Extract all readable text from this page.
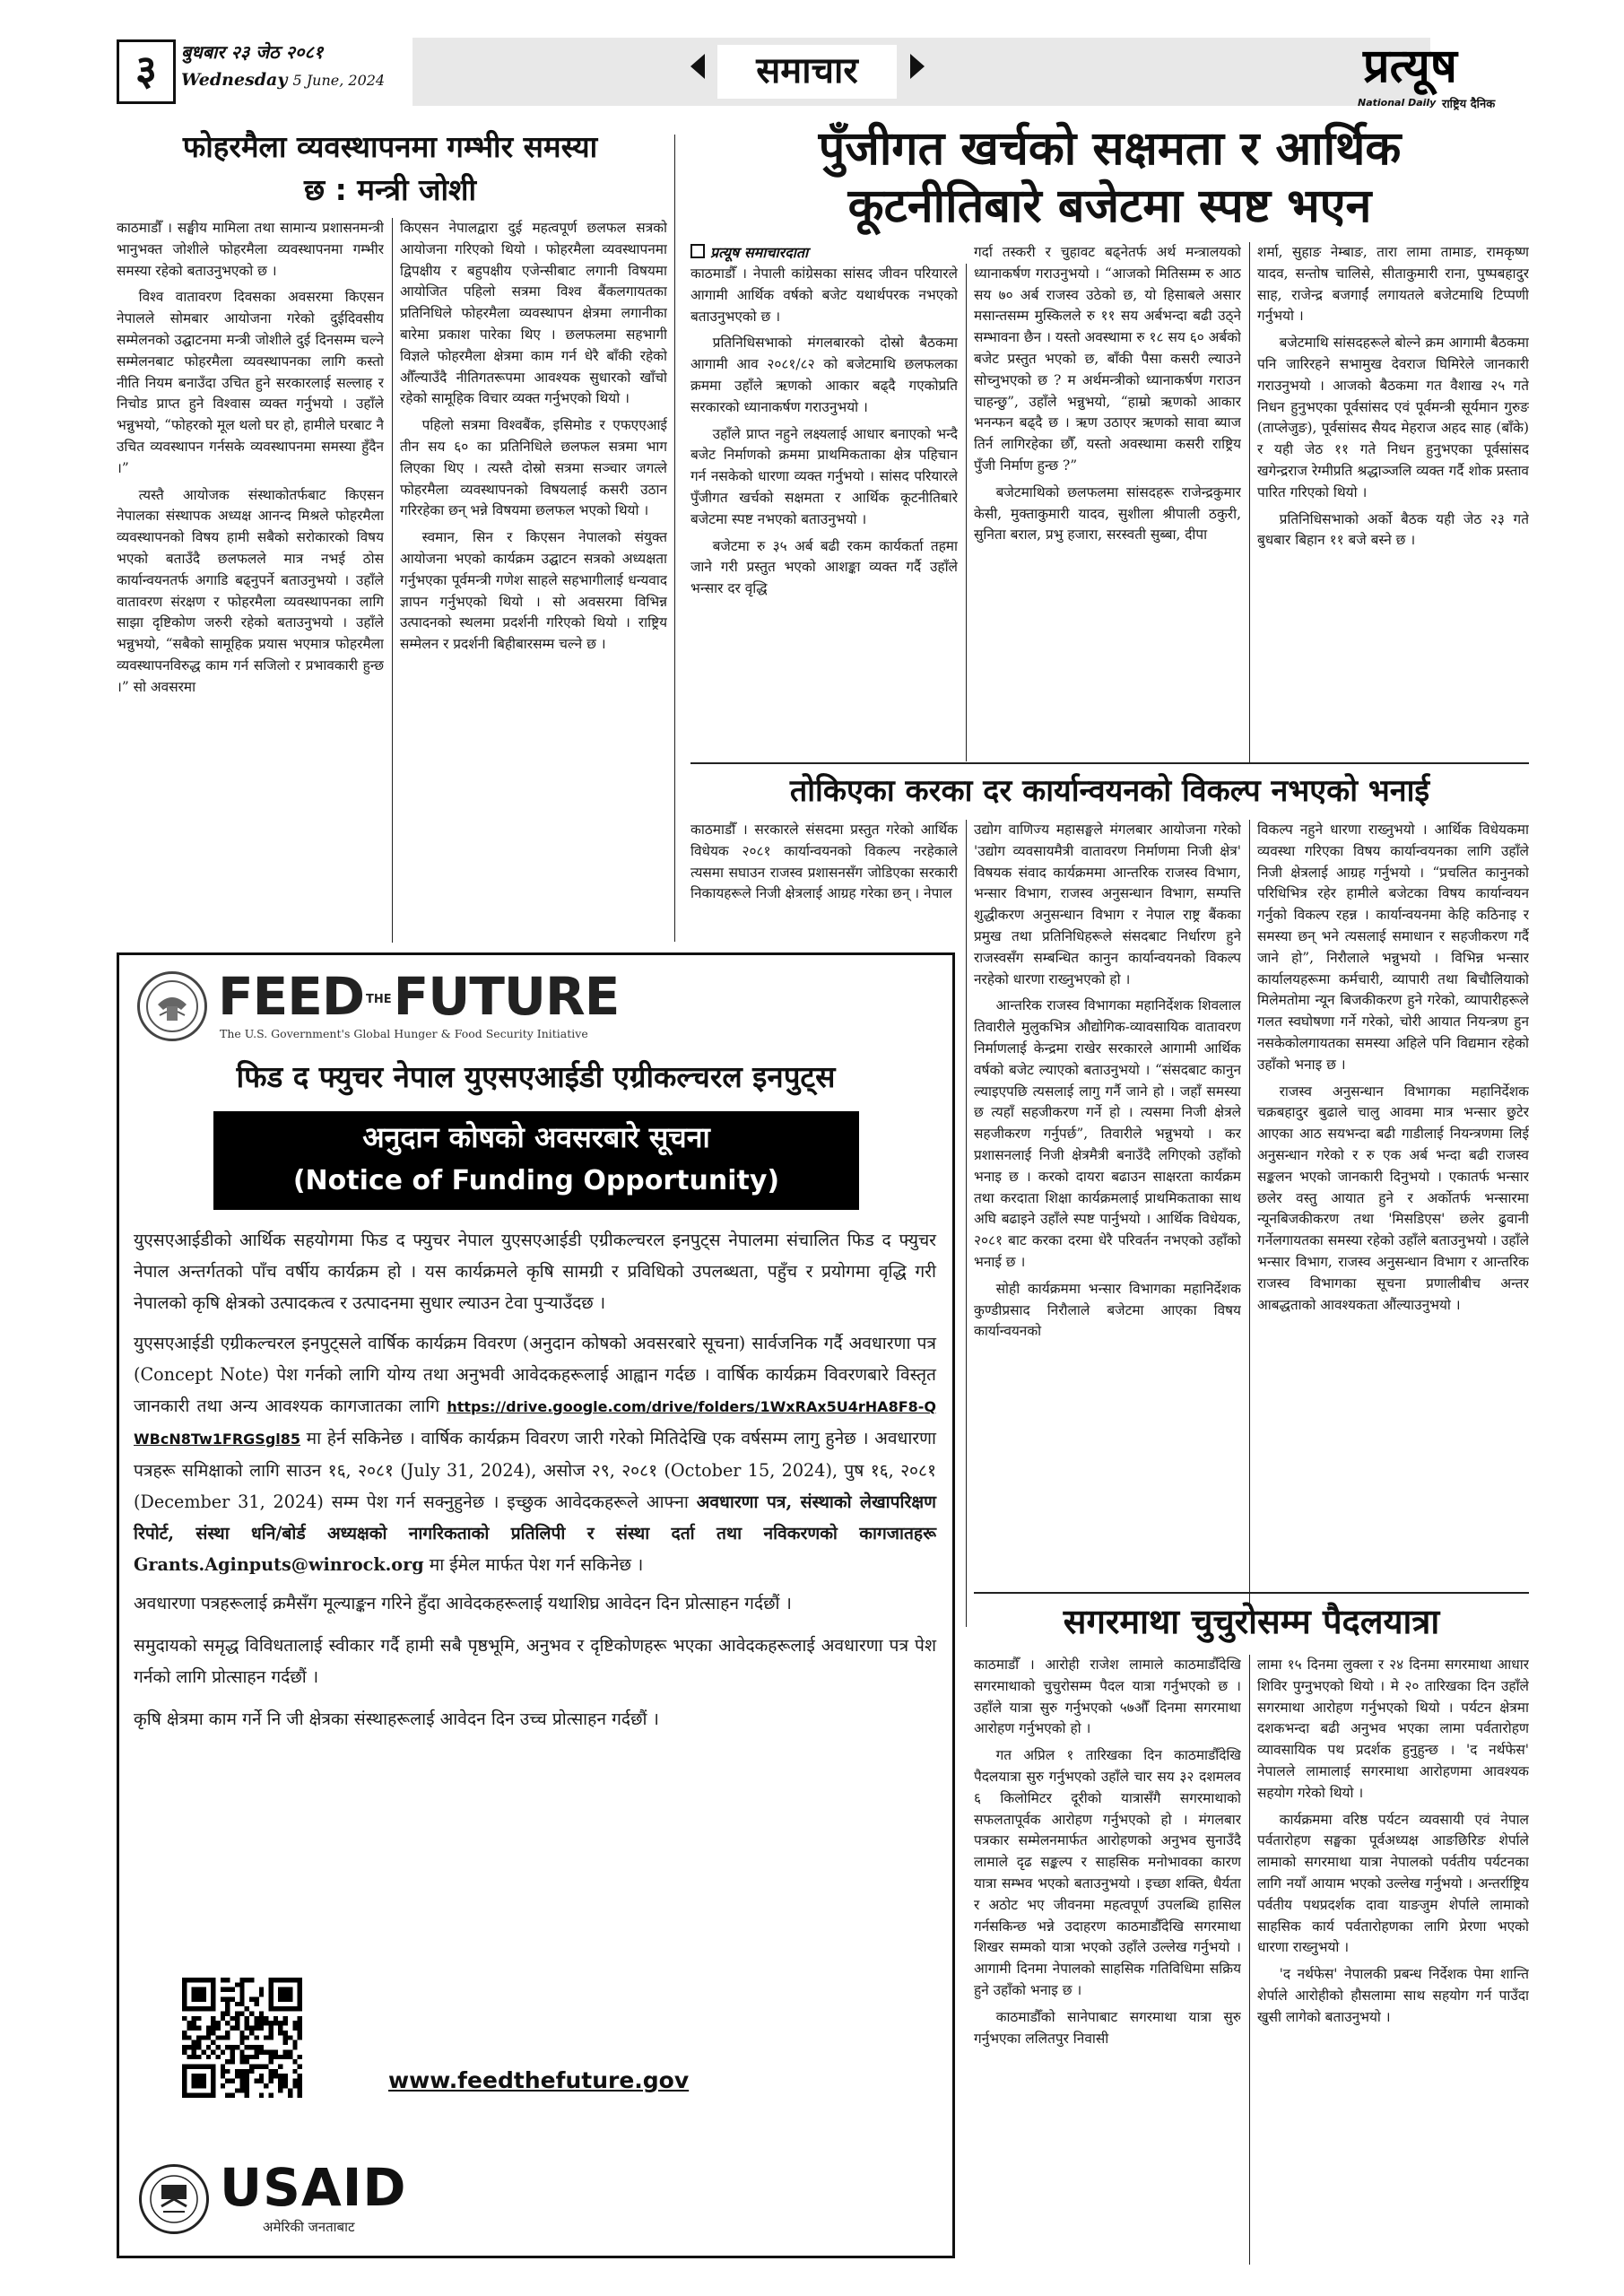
३	बुधबार २३ जेठ २०८१
Wednesday 5 June, 2024	समाचार	प्रत्यूष
National Daily राष्ट्रिय दैनिक
फोहरमैला व्यवस्थापनमा गम्भीर समस्या
छ : मन्त्री जोशी

काठमाडौँ । सङ्घीय मामिला तथा सामान्य प्रशासनमन्त्री भानुभक्त जोशीले फोहरमैला व्यवस्थापनमा गम्भीर समस्या रहेको बताउनुभएको छ ।

विश्व वातावरण दिवसका अवसरमा किएसन नेपालले सोमबार आयोजना गरेको दुईदिवसीय सम्मेलनको उद्घाटनमा मन्त्री जोशीले दुई दिनसम्म चल्ने सम्मेलनबाट फोहरमैला व्यवस्थापनका लागि कस्तो नीति नियम बनाउँदा उचित हुने सरकारलाई सल्लाह र निचोड प्राप्त हुने विश्वास व्यक्त गर्नुभयो । उहाँले भन्नुभयो, “फोहरको मूल थलो घर हो, हामीले घरबाट नै उचित व्यवस्थापन गर्नसके व्यवस्थापनमा समस्या हुँदैन ।”

त्यस्तै आयोजक संस्थाकोतर्फबाट किएसन नेपालका संस्थापक अध्यक्ष आनन्द मिश्रले फोहरमैला व्यवस्थापनको विषय हामी सबैको सरोकारको विषय भएको बताउँदै छलफलले मात्र नभई ठोस कार्यान्वयनतर्फ अगाडि बढ्नुपर्ने बताउनुभयो । उहाँले वातावरण संरक्षण र फोहरमैला व्यवस्थापनका लागि साझा दृष्टिकोण जरुरी रहेको बताउनुभयो । उहाँले भन्नुभयो, “सबैको सामूहिक प्रयास भएमात्र फोहरमैला व्यवस्थापनविरुद्ध काम गर्न सजिलो र प्रभावकारी हुन्छ ।” सो अवसरमा

किएसन नेपालद्वारा दुई महत्वपूर्ण छलफल सत्रको आयोजना गरिएको थियो । फोहरमैला व्यवस्थापनमा द्विपक्षीय र बहुपक्षीय एजेन्सीबाट लगानी विषयमा आयोजित पहिलो सत्रमा विश्व बैंकलगायतका प्रतिनिधिले फोहरमैला व्यवस्थापन क्षेत्रमा लगानीका बारेमा प्रकाश पारेका थिए । छलफलमा सहभागी विज्ञले फोहरमैला क्षेत्रमा काम गर्न धेरै बाँकी रहेको औँल्याउँदै नीतिगतरूपमा आवश्यक सुधारको खाँचो रहेको सामूहिक विचार व्यक्त गर्नुभएको थियो ।

पहिलो सत्रमा विश्वबैंक, इसिमोड र एफएएआई तीन सय ६० का प्रतिनिधिले छलफल सत्रमा भाग लिएका थिए । त्यस्तै दोस्रो सत्रमा सञ्चार जगत्ले फोहरमैला व्यवस्थापनको विषयलाई कसरी उठान गरिरहेका छन् भन्ने विषयमा छलफल भएको थियो ।

स्वमान, सिन र किएसन नेपालको संयुक्त आयोजना भएको कार्यक्रम उद्घाटन सत्रको अध्यक्षता गर्नुभएका पूर्वमन्त्री गणेश साहले सहभागीलाई धन्यवाद ज्ञापन गर्नुभएको थियो । सो अवसरमा विभिन्न उत्पादनको स्थलमा प्रदर्शनी गरिएको थियो । राष्ट्रिय सम्मेलन र प्रदर्शनी बिहीबारसम्म चल्ने छ ।

पुँजीगत खर्चको सक्षमता र आर्थिक
कूटनीतिबारे बजेटमा स्पष्ट भएन
प्रत्यूष समाचारदाता

काठमाडौँ । नेपाली कांग्रेसका सांसद जीवन परियारले आगामी आर्थिक वर्षको बजेट यथार्थपरक नभएको बताउनुभएको छ ।

प्रतिनिधिसभाको मंगलबारको दोस्रो बैठकमा आगामी आव २०८१/८२ को बजेटमाथि छलफलका क्रममा उहाँले ऋणको आकार बढ्दै गएकोप्रति सरकारको ध्यानाकर्षण गराउनुभयो ।

उहाँले प्राप्त नहुने लक्ष्यलाई आधार बनाएको भन्दै बजेट निर्माणको क्रममा प्राथमिकताका क्षेत्र पहिचान गर्न नसकेको धारणा व्यक्त गर्नुभयो । सांसद परियारले पुँजीगत खर्चको सक्षमता र आर्थिक कूटनीतिबारे बजेटमा स्पष्ट नभएको बताउनुभयो ।

बजेटमा रु ३५ अर्ब बढी रकम कार्यकर्ता तहमा जाने गरी प्रस्तुत भएको आशङ्का व्यक्त गर्दै उहाँले भन्सार दर वृद्धि

गर्दा तस्करी र चुहावट बढ्नेतर्फ अर्थ मन्त्रालयको ध्यानाकर्षण गराउनुभयो । “आजको मितिसम्म रु आठ सय ७० अर्ब राजस्व उठेको छ, यो हिसाबले असार मसान्तसम्म मुस्किलले रु ११ सय अर्बभन्दा बढी उठ्ने सम्भावना छैन । यस्तो अवस्थामा रु १८ सय ६० अर्बको बजेट प्रस्तुत भएको छ, बाँकी पैसा कसरी ल्याउने सोच्नुभएको छ ? म अर्थमन्त्रीको ध्यानाकर्षण गराउन चाहन्छु”, उहाँले भन्नुभयो, “हाम्रो ऋणको आकार भनन्फन बढ्दै छ । ऋण उठाएर ऋणको सावा ब्याज तिर्न लागिरहेका छौँ, यस्तो अवस्थामा कसरी राष्ट्रिय पुँजी निर्माण हुन्छ ?”

बजेटमाथिको छलफलमा सांसदहरू राजेन्द्रकुमार केसी, मुक्ताकुमारी यादव, सुशीला श्रीपाली ठकुरी, सुनिता बराल, प्रभु हजारा, सरस्वती सुब्बा, दीपा

शर्मा, सुहाङ नेम्बाङ, तारा लामा तामाङ, रामकृष्ण यादव, सन्तोष चालिसे, सीताकुमारी राना, पुष्पबहादुर साह, राजेन्द्र बजगाईं लगायतले बजेटमाथि टिप्पणी गर्नुभयो ।

बजेटमाथि सांसदहरूले बोल्ने क्रम आगामी बैठकमा पनि जारिरहने सभामुख देवराज घिमिरेले जानकारी गराउनुभयो । आजको बैठकमा गत वैशाख २५ गते निधन हुनुभएका पूर्वसांसद एवं पूर्वमन्त्री सूर्यमान गुरुङ (ताप्लेजुङ), पूर्वसांसद सैयद मेहराज अहद साह (बाँके) र यही जेठ ११ गते निधन हुनुभएका पूर्वसांसद खगेन्द्रराज रेग्मीप्रति श्रद्धाञ्जलि व्यक्त गर्दै शोक प्रस्ताव पारित गरिएको थियो ।

प्रतिनिधिसभाको अर्को बैठक यही जेठ २३ गते बुधबार बिहान ११ बजे बस्ने छ ।

तोकिएका करका दर कार्यान्वयनको विकल्प नभएको भनाई

काठमाडौँ । सरकारले संसदमा प्रस्तुत गरेको आर्थिक विधेयक २०८१ कार्यान्वयनको विकल्प नरहेकाले त्यसमा सघाउन राजस्व प्रशासनसँग जोडिएका सरकारी निकायहरूले निजी क्षेत्रलाई आग्रह गरेका छन् । नेपाल

उद्योग वाणिज्य महासङ्घले मंगलबार आयोजना गरेको 'उद्योग व्यवसायमैत्री वातावरण निर्माणमा निजी क्षेत्र' विषयक संवाद कार्यक्रममा आन्तरिक राजस्व विभाग, भन्सार विभाग, राजस्व अनुसन्धान विभाग, सम्पत्ति शुद्धीकरण अनुसन्धान विभाग र नेपाल राष्ट्र बैंकका प्रमुख तथा प्रतिनिधिहरूले संसदबाट निर्धारण हुने राजस्वसँग सम्बन्धित कानुन कार्यान्वयनको विकल्प नरहेको धारणा राख्नुभएको हो ।

आन्तरिक राजस्व विभागका महानिर्देशक शिवलाल तिवारीले मुलुकभित्र औद्योगिक-व्यावसायिक वातावरण निर्माणलाई केन्द्रमा राखेर सरकारले आगामी आर्थिक वर्षको बजेट ल्याएको बताउनुभयो । “संसदबाट कानुन ल्याइएपछि त्यसलाई लागु गर्नै जाने हो । जहाँ समस्या छ त्यहाँ सहजीकरण गर्ने हो । त्यसमा निजी क्षेत्रले सहजीकरण गर्नुपर्छ”, तिवारीले भन्नुभयो । कर प्रशासनलाई निजी क्षेत्रमैत्री बनाउँदै लगिएको उहाँको भनाइ छ । करको दायरा बढाउन साक्षरता कार्यक्रम तथा करदाता शिक्षा कार्यक्रमलाई प्राथमिकताका साथ अघि बढाइने उहाँले स्पष्ट पार्नुभयो । आर्थिक विधेयक, २०८१ बाट करका दरमा धेरै परिवर्तन नभएको उहाँको भनाई छ ।

सोही कार्यक्रममा भन्सार विभागका महानिर्देशक कुण्डीप्रसाद निरौलाले बजेटमा आएका विषय कार्यान्वयनको

विकल्प नहुने धारणा राख्नुभयो । आर्थिक विधेयकमा व्यवस्था गरिएका विषय कार्यान्वयनका लागि उहाँले निजी क्षेत्रलाई आग्रह गर्नुभयो । “प्रचलित कानुनको परिधिभित्र रहेर हामीले बजेटका विषय कार्यान्वयन गर्नुको विकल्प रहन्न । कार्यान्वयनमा केहि कठिनाइ र समस्या छन् भने त्यसलाई समाधान र सहजीकरण गर्दै जाने हो”, निरौलाले भन्नुभयो । विभिन्न भन्सार कार्यालयहरूमा कर्मचारी, व्यापारी तथा बिचौलियाको मिलेमतोमा न्यून बिजकीकरण हुने गरेको, व्यापारीहरूले गलत स्वघोषणा गर्ने गरेको, चोरी आयात नियन्त्रण हुन नसकेकोलगायतका समस्या अहिले पनि विद्यमान रहेको उहाँको भनाइ छ ।

राजस्व अनुसन्धान विभागका महानिर्देशक चक्रबहादुर बुढाले चालु आवमा मात्र भन्सार छुटेर आएका आठ सयभन्दा बढी गाडीलाई नियन्त्रणमा लिई अनुसन्धान गरेको र रु एक अर्ब भन्दा बढी राजस्व सङ्कलन भएको जानकारी दिनुभयो । एकातर्फ भन्सार छलेर वस्तु आयात हुने र अर्कोतर्फ भन्सारमा न्यूनबिजकीकरण तथा 'मिसडिएस' छलेर ढुवानी गर्नेलगायतका समस्या रहेको उहाँले बताउनुभयो । उहाँले भन्सार विभाग, राजस्व अनुसन्धान विभाग र आन्तरिक राजस्व विभागका सूचना प्रणालीबीच अन्तर आबद्धताको आवश्यकता औंल्याउनुभयो ।

सगरमाथा चुचुरोसम्म पैदलयात्रा

काठमाडौँ । आरोही राजेश लामाले काठमाडौँदेखि सगरमाथाको चुचुरोसम्म पैदल यात्रा गर्नुभएको छ । उहाँले यात्रा सुरु गर्नुभएको ५७औँ दिनमा सगरमाथा आरोहण गर्नुभएको हो ।

गत अप्रिल १ तारिखका दिन काठमाडौँदेखि पैदलयात्रा सुरु गर्नुभएको उहाँले चार सय ३२ दशमलव ६ किलोमिटर दूरीको यात्रासँगै सगरमाथाको सफलतापूर्वक आरोहण गर्नुभएको हो । मंगलबार पत्रकार सम्मेलनमार्फत आरोहणको अनुभव सुनाउँदै लामाले दृढ सङ्कल्प र साहसिक मनोभावका कारण यात्रा सम्भव भएको बताउनुभयो । इच्छा शक्ति, धैर्यता र अठोट भए जीवनमा महत्वपूर्ण उपलब्धि हासिल गर्नसकिन्छ भन्ने उदाहरण काठमाडौँदेखि सगरमाथा शिखर सम्मको यात्रा भएको उहाँले उल्लेख गर्नुभयो । आगामी दिनमा नेपालको साहसिक गतिविधिमा सक्रिय हुने उहाँको भनाइ छ ।

काठमाडौँको सानेपाबाट सगरमाथा यात्रा सुरु गर्नुभएका ललितपुर निवासी

लामा १५ दिनमा लुक्ला र २४ दिनमा सगरमाथा आधार शिविर पुग्नुभएको थियो । मे २० तारिखका दिन उहाँले सगरमाथा आरोहण गर्नुभएको थियो । पर्यटन क्षेत्रमा दशकभन्दा बढी अनुभव भएका लामा पर्वतारोहण व्यावसायिक पथ प्रदर्शक हुनुहुन्छ । 'द नर्थफेस' नेपालले लामालाई सगरमाथा आरोहणमा आवश्यक सहयोग गरेको थियो ।

कार्यक्रममा वरिष्ठ पर्यटन व्यवसायी एवं नेपाल पर्वतारोहण सङ्घका पूर्वअध्यक्ष आङछिरिङ शेर्पाले लामाको सगरमाथा यात्रा नेपालको पर्वतीय पर्यटनका लागि नयाँ आयाम भएको उल्लेख गर्नुभयो । अन्तर्राष्ट्रिय पर्वतीय पथप्रदर्शक दावा याङजुम शेर्पाले लामाको साहसिक कार्य पर्वतारोहणका लागि प्रेरणा भएको धारणा राख्नुभयो ।

'द नर्थफेस' नेपालकी प्रबन्ध निर्देशक पेमा शान्ति शेर्पाले आरोहीको हौसलामा साथ सहयोग गर्न पाउँदा खुसी लागेको बताउनुभयो ।

FEED THEFUTURE
The U.S. Government's Global Hunger & Food Security Initiative
फिड द फ्युचर नेपाल युएसएआईडी एग्रीकल्चरल इनपुट्स
अनुदान कोषको अवसरबारे सूचना
(Notice of Funding Opportunity)

युएसएआईडीको आर्थिक सहयोगमा फिड द फ्युचर नेपाल युएसएआईडी एग्रीकल्चरल इनपुट्स नेपालमा संचालित फिड द फ्युचर नेपाल अन्तर्गतको पाँच वर्षीय कार्यक्रम हो । यस कार्यक्रमले कृषि सामग्री र प्रविधिको उपलब्धता, पहुँच र प्रयोगमा वृद्धि गरी नेपालको कृषि क्षेत्रको उत्पादकत्व र उत्पादनमा सुधार ल्याउन टेवा पुऱ्याउँदछ ।

युएसएआईडी एग्रीकल्चरल इनपुट्सले वार्षिक कार्यक्रम विवरण (अनुदान कोषको अवसरबारे सूचना) सार्वजनिक गर्दै अवधारणा पत्र (Concept Note) पेश गर्नको लागि योग्य तथा अनुभवी आवेदकहरूलाई आह्वान गर्दछ । वार्षिक कार्यक्रम विवरणबारे विस्तृत जानकारी तथा अन्य आवश्यक कागजातका लागि https://drive.google.com/drive/folders/1WxRAx5U4rHA8F8-QWBcN8Tw1FRGSgl85 मा हेर्न सकिनेछ । वार्षिक कार्यक्रम विवरण जारी गरेको मितिदेखि एक वर्षसम्म लागु हुनेछ । अवधारणा पत्रहरू समिक्षाको लागि साउन १६, २०८१ (July 31, 2024), असोज २९, २०८१ (October 15, 2024), पुष १६, २०८१ (December 31, 2024) सम्म पेश गर्न सक्नुहुनेछ । इच्छुक आवेदकहरूले आफ्ना अवधारणा पत्र, संस्थाको लेखापरिक्षण रिपोर्ट, संस्था धनि/बोर्ड अध्यक्षको नागरिकताको प्रतिलिपी र संस्था दर्ता तथा नविकरणको कागजातहरू Grants.Aginputs@winrock.org मा ईमेल मार्फत पेश गर्न सकिनेछ ।

अवधारणा पत्रहरूलाई क्रमैसँग मूल्याङ्कन गरिने हुँदा आवेदकहरूलाई यथाशिघ्र आवेदन दिन प्रोत्साहन गर्दछौं ।

समुदायको समृद्ध विविधतालाई स्वीकार गर्दै हामी सबै पृष्ठभूमि, अनुभव र दृष्टिकोणहरू भएका आवेदकहरूलाई अवधारणा पत्र पेश गर्नको लागि प्रोत्साहन गर्दछौं ।

कृषि क्षेत्रमा काम गर्ने नि जी क्षेत्रका संस्थाहरूलाई आवेदन दिन उच्च प्रोत्साहन गर्दछौं ।

www.feedthefuture.gov
USAID
अमेरिकी जनताबाट
